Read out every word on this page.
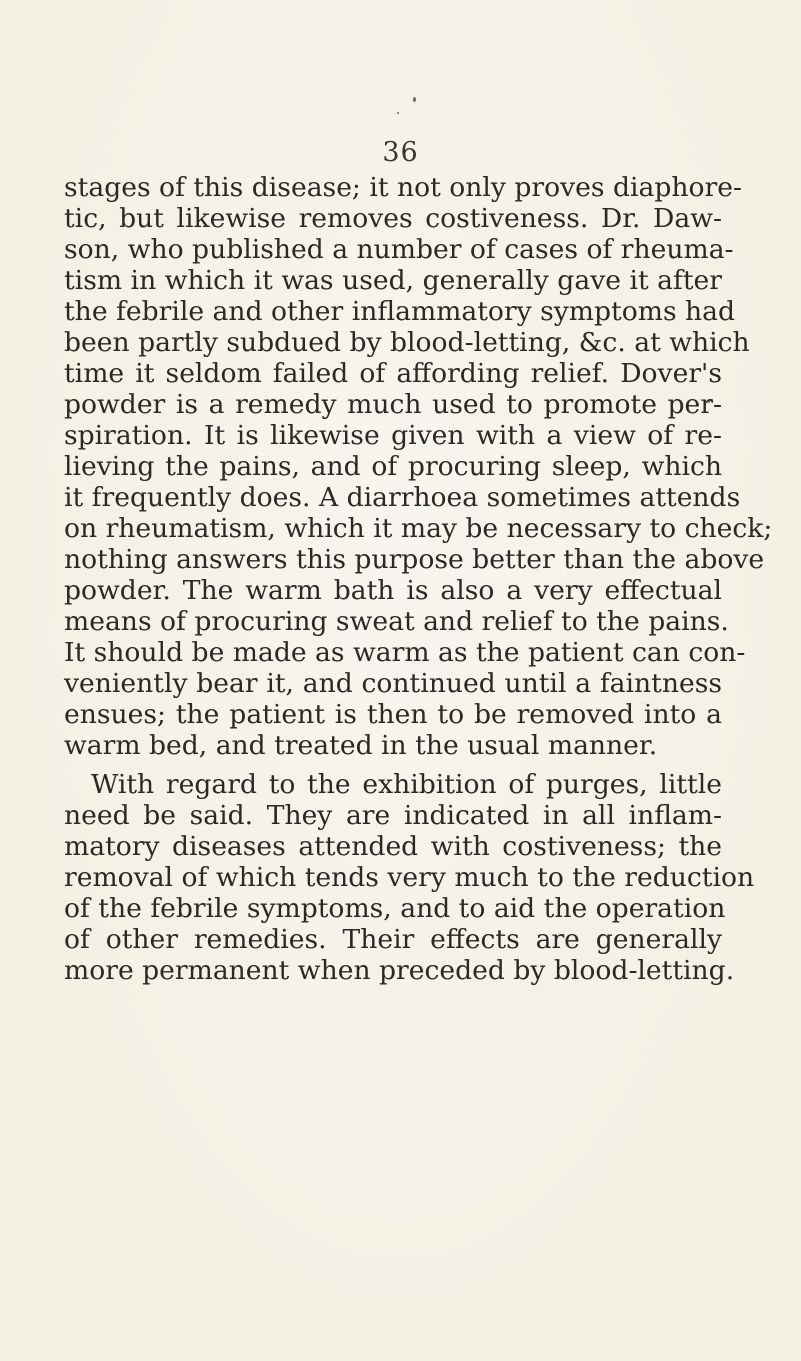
36
stages of this disease; it not only proves diaphore-
tic, but likewise removes costiveness. Dr. Daw-
son, who published a number of cases of rheuma-
tism in which it was used, generally gave it after
the febrile and other inflammatory symptoms had
been partly subdued by blood-letting, &c. at which
time it seldom failed of affording relief. Dover's
powder is a remedy much used to promote per-
spiration. It is likewise given with a view of re-
lieving the pains, and of procuring sleep, which
it frequently does. A diarrhoea sometimes attends
on rheumatism, which it may be necessary to check;
nothing answers this purpose better than the above
powder. The warm bath is also a very effectual
means of procuring sweat and relief to the pains.
It should be made as warm as the patient can con-
veniently bear it, and continued until a faintness
ensues; the patient is then to be removed into a
warm bed, and treated in the usual manner.
With regard to the exhibition of purges, little
need be said. They are indicated in all inflam-
matory diseases attended with costiveness; the
removal of which tends very much to the reduction
of the febrile symptoms, and to aid the operation
of other remedies. Their effects are generally
more permanent when preceded by blood-letting.
